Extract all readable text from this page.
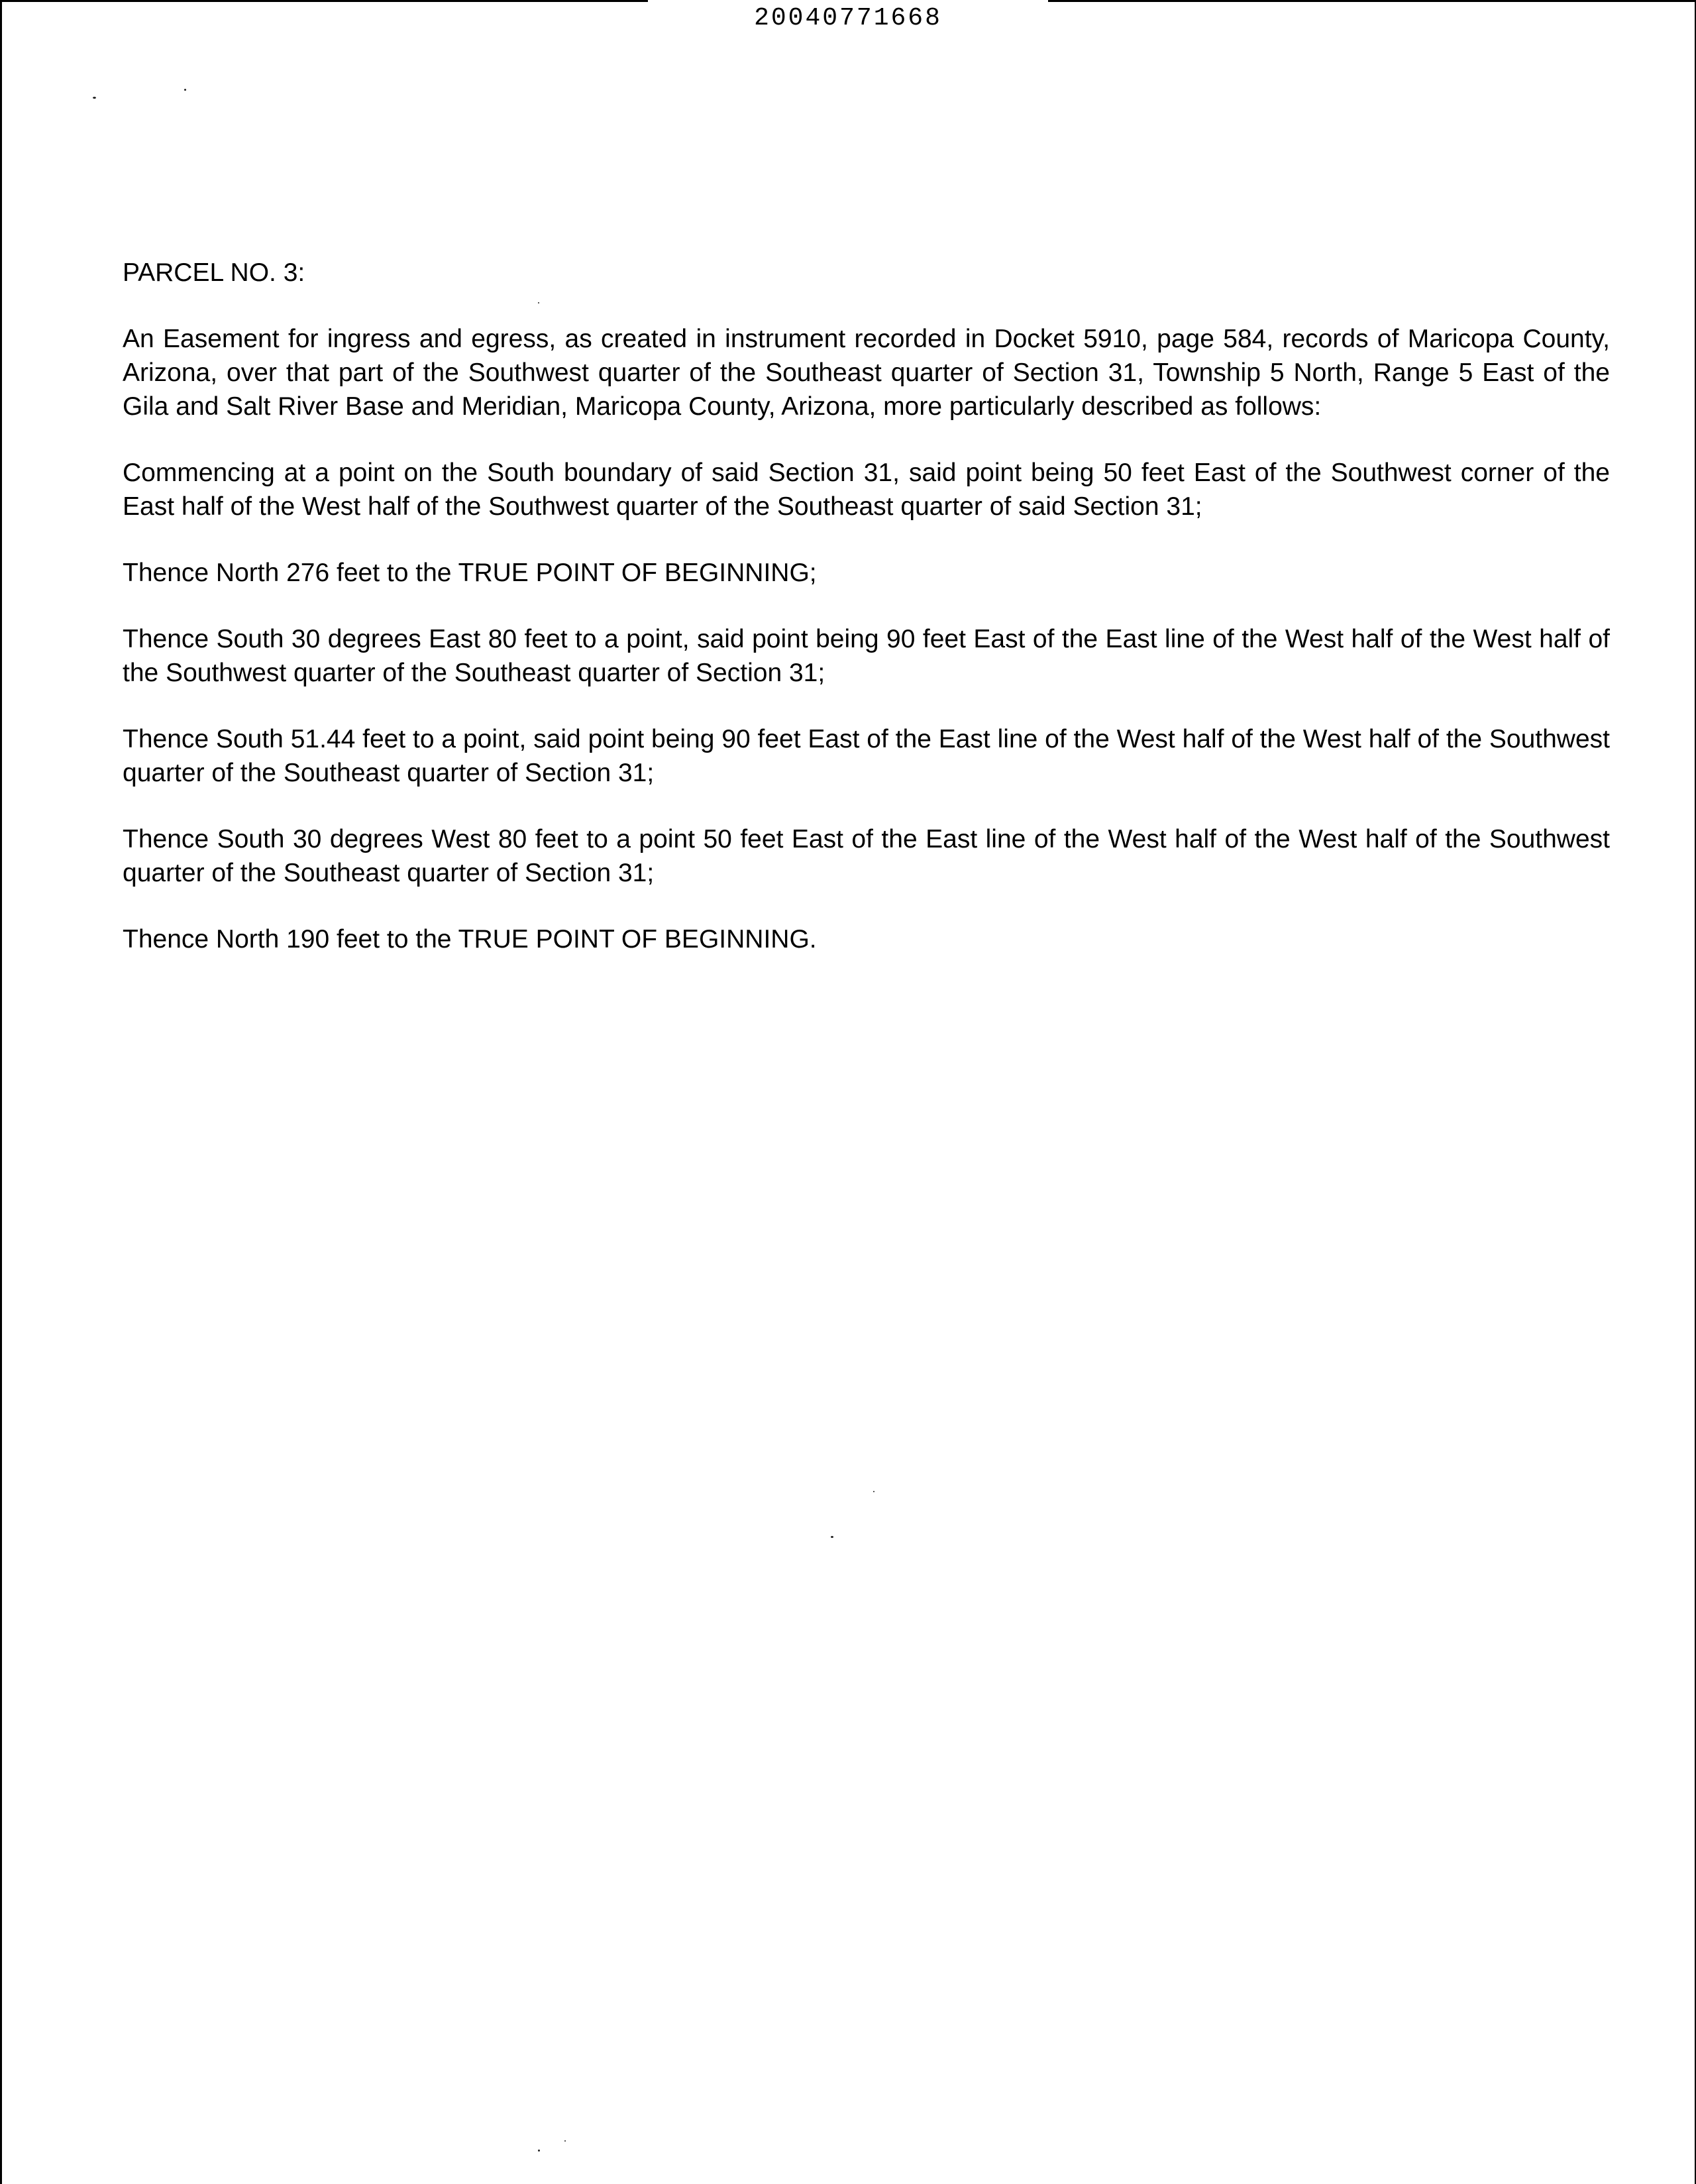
20040771668
PARCEL NO. 3:

An Easement for ingress and egress, as created in instrument recorded in Docket 5910, page 584, records of Maricopa County, Arizona, over that part of the Southwest quarter of the Southeast quarter of Section 31, Township 5 North, Range 5 East of the Gila and Salt River Base and Meridian, Maricopa County, Arizona, more particularly described as follows:

Commencing at a point on the South boundary of said Section 31, said point being 50 feet East of the Southwest corner of the East half of the West half of the Southwest quarter of the Southeast quarter of said Section 31;

Thence North 276 feet to the TRUE POINT OF BEGINNING;

Thence South 30 degrees East 80 feet to a point, said point being 90 feet East of the East line of the West half of the West half of the Southwest quarter of the Southeast quarter of Section 31;

Thence South 51.44 feet to a point, said point being 90 feet East of the East line of the West half of the West half of the Southwest quarter of the Southeast quarter of Section 31;

Thence South 30 degrees West 80 feet to a point 50 feet East of the East line of the West half of the West half of the Southwest quarter of the Southeast quarter of Section 31;

Thence North 190 feet to the TRUE POINT OF BEGINNING.
